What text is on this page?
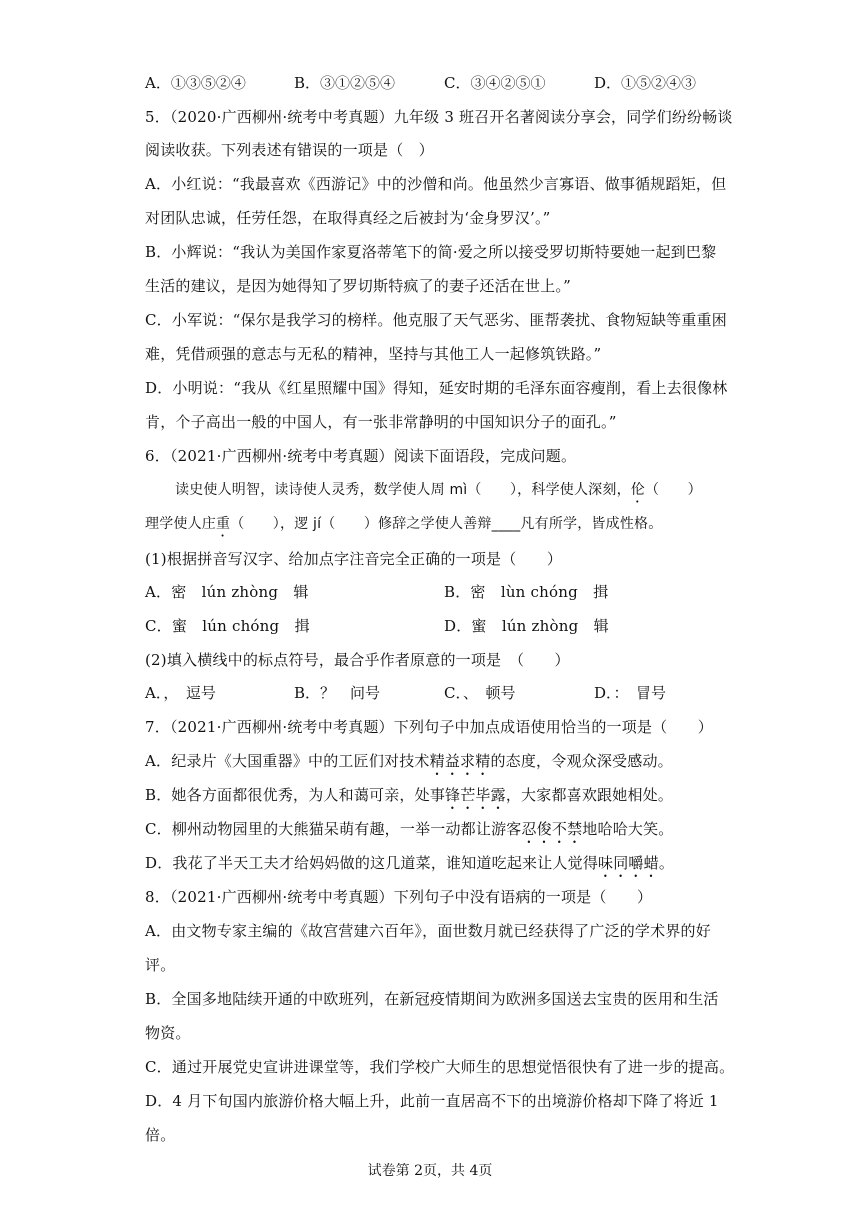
A．①③⑤②④	B．③①②⑤④	C．③④②⑤①	D．①⑤②④③
5．（2020·广西柳州·统考中考真题）九年级 3 班召开名著阅读分享会，同学们纷纷畅谈
阅读收获。下列表述有错误的一项是（　）
A．小红说：“我最喜欢《西游记》中的沙僧和尚。他虽然少言寡语、做事循规蹈矩，但
对团队忠诚，任劳任怨，在取得真经之后被封为‘金身罗汉’。”
B．小辉说：“我认为美国作家夏洛蒂笔下的简·爱之所以接受罗切斯特要她一起到巴黎
生活的建议，是因为她得知了罗切斯特疯了的妻子还活在世上。”
C．小军说：“保尔是我学习的榜样。他克服了天气恶劣、匪帮袭扰、食物短缺等重重困
难，凭借顽强的意志与无私的精神，坚持与其他工人一起修筑铁路。”
D．小明说：“我从《红星照耀中国》得知，延安时期的毛泽东面容瘦削，看上去很像林
肯，个子高出一般的中国人，有一张非常静明的中国知识分子的面孔。”
6．（2021·广西柳州·统考中考真题）阅读下面语段，完成问题。
读史使人明智，读诗使人灵秀，数学使人周 mì（　　），科学使人深刻，伦（　　）
理学使人庄重（　　），逻 jí（　　）修辞之学使人善辩____凡有所学，皆成性格。
(1)根据拼音写汉字、给加点字注音完全正确的一项是（　　）
A．密　lún zhòng　辑	B．密　lùn chóng　揖
C．蜜　lún chóng　揖	D．蜜　lún zhòng　辑
(2)填入横线中的标点符号，最合乎作者原意的一项是　（　　）
A．，　逗号	B．？　问号	C．、　顿号	D．：　冒号
7．（2021·广西柳州·统考中考真题）下列句子中加点成语使用恰当的一项是（　　）
A．纪录片《大国重器》中的工匠们对技术精益求精的态度，令观众深受感动。
B．她各方面都很优秀，为人和蔼可亲，处事锋芒毕露，大家都喜欢跟她相处。
C．柳州动物园里的大熊猫呆萌有趣，一举一动都让游客忍俊不禁地哈哈大笑。
D．我花了半天工夫才给妈妈做的这几道菜，谁知道吃起来让人觉得味同嚼蜡。
8．（2021·广西柳州·统考中考真题）下列句子中没有语病的一项是（　　）
A．由文物专家主编的《故宫营建六百年》，面世数月就已经获得了广泛的学术界的好
评。
B．全国多地陆续开通的中欧班列，在新冠疫情期间为欧洲多国送去宝贵的医用和生活
物资。
C．通过开展党史宣讲进课堂等，我们学校广大师生的思想觉悟很快有了进一步的提高。
D．4 月下旬国内旅游价格大幅上升，此前一直居高不下的出境游价格却下降了将近 1
倍。
试卷第 2页，共 4页
